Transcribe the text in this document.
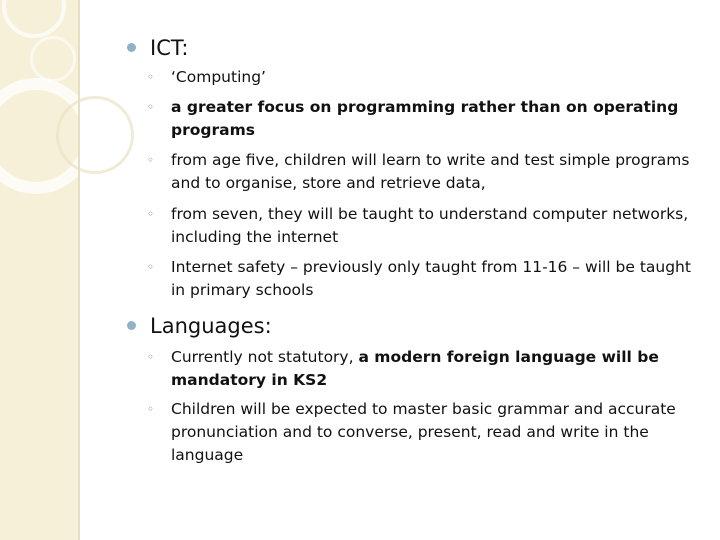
ICT:
◦ ‘Computing’
◦ a greater focus on programming rather than on operating programs
◦ from age five, children will learn to write and test simple programs and to organise, store and retrieve data,
◦ from seven, they will be taught to understand computer networks, including the internet
◦ Internet safety – previously only taught from 11-16 – will be taught in primary schools
Languages:
◦ Currently not statutory, a modern foreign language will be mandatory in KS2
◦ Children will be expected to master basic grammar and accurate pronunciation and to converse, present, read and write in the language
